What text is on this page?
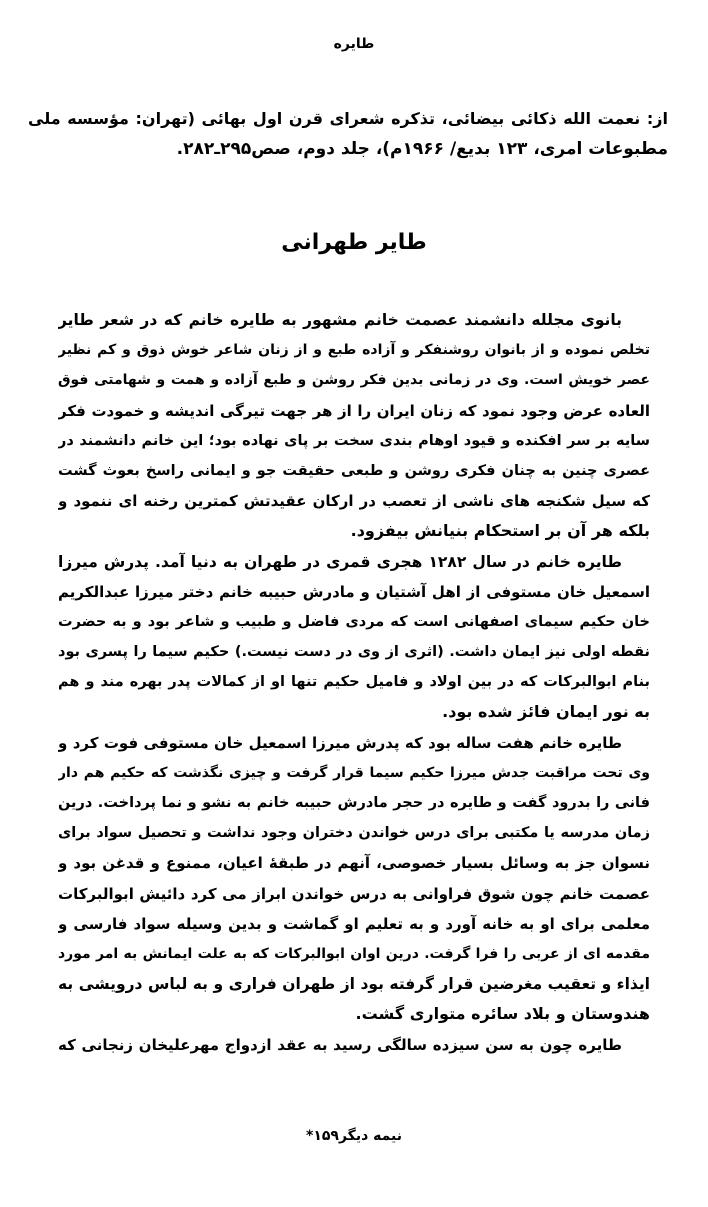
طایره
از: نعمت الله ذکائی بیضائی، تذکره شعرای قرن اول بهائی (تهران: مؤسسه ملی
مطبوعات امری، ۱۲۳ بدیع/ ۱۹۶۶م)، جلد دوم، صص۲۹۵ـ۲۸۲.
طایر طهرانی
بانوی مجلله دانشمند عصمت خانم مشهور به طایره خانم که در شعر طایر
تخلص نموده و از بانوان روشنفکر و آزاده طبع و از زنان شاعر خوش ذوق و کم نظیر
عصر خویش است. وی در زمانی بدین فکر روشن و طبع آزاده و همت و شهامتی فوق
العاده عرض وجود نمود که زنان ایران را از هر جهت تیرگی اندیشه و خمودت فکر
سایه بر سر افکنده و قیود اوهام بندی سخت بر پای نهاده بود؛ این خانم دانشمند در
عصری چنین به چنان فکری روشن و طبعی حقیقت جو و ایمانی راسخ بعوث گشت
که سیل شکنجه های ناشی از تعصب در ارکان عقیدتش کمترین رخنه ای ننمود و
بلکه هر آن بر استحکام بنیانش بیفزود.
طایره خانم در سال ۱۲۸۲ هجری قمری در طهران به دنیا آمد. پدرش میرزا
اسمعیل خان مستوفی از اهل آشتیان و مادرش حبیبه خانم دختر میرزا عبدالکریم
خان حکیم سیمای اصفهانی است که مردی فاضل و طبیب و شاعر بود و به حضرت
نقطه اولی نیز ایمان داشت. (اثری از وی در دست نیست.) حکیم سیما را پسری بود
بنام ابوالبرکات که در بین اولاد و فامیل حکیم تنها او از کمالات پدر بهره مند و هم
به نور ایمان فائز شده بود.
طایره خانم هفت ساله بود که پدرش میرزا اسمعیل خان مستوفی فوت کرد و
وی تحت مراقبت جدش میرزا حکیم سیما قرار گرفت و چیزی نگذشت که حکیم هم دار
فانی را بدرود گفت و طایره در حجر مادرش حبیبه خانم به نشو و نما پرداخت. درین
زمان مدرسه یا مکتبی برای درس خواندن دختران وجود نداشت و تحصیل سواد برای
نسوان جز به وسائل بسیار خصوصی، آنهم در طبقهٔ اعیان، ممنوع و قدغن بود و
عصمت خانم چون شوق فراوانی به درس خواندن ابراز می کرد دائیش ابوالبرکات
معلمی برای او به خانه آورد و به تعلیم او گماشت و بدین وسیله سواد فارسی و
مقدمه ای از عربی را فرا گرفت. درین اوان ابوالبرکات که به علت ایمانش به امر مورد
ایذاء و تعقیب مغرضین قرار گرفته بود از طهران فراری و به لباس درویشی به
هندوستان و بلاد سائره متواری گشت.
طایره چون به سن سیزده سالگی رسید به عقد ازدواج مهرعلیخان زنجانی که
نیمه دیگر۱۵۹*
